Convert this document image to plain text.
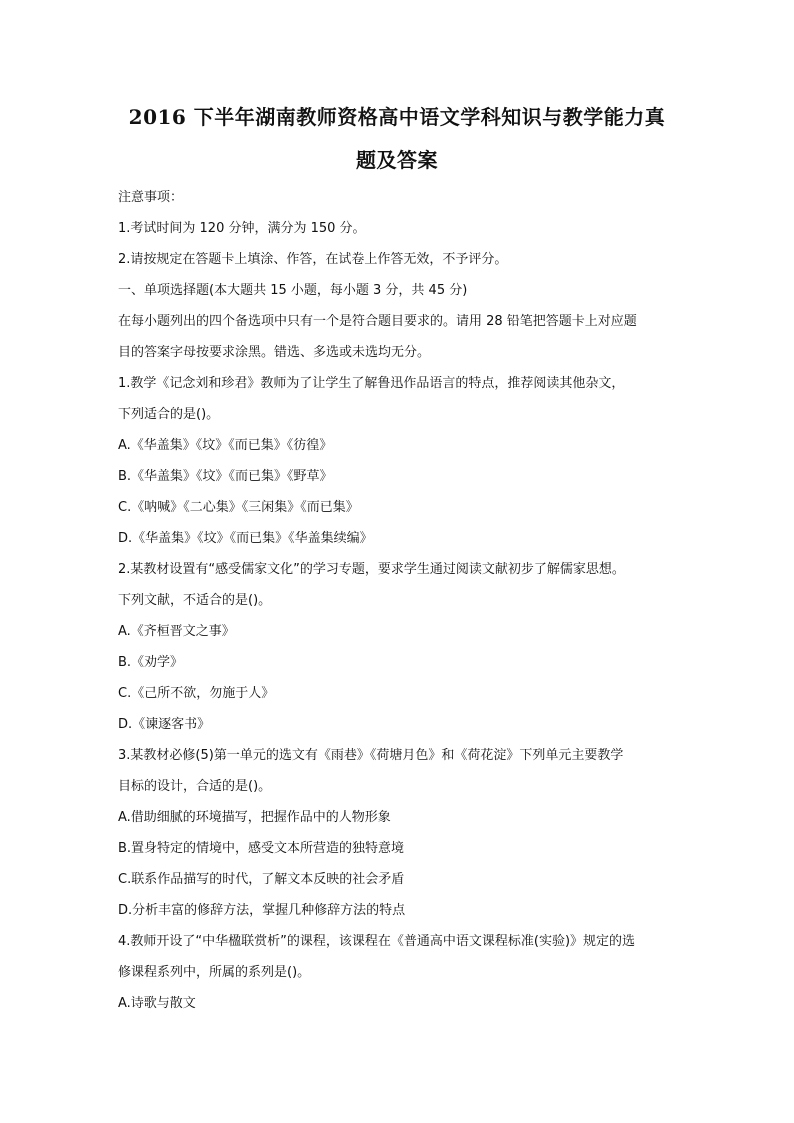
2016 下半年湖南教师资格高中语文学科知识与教学能力真
题及答案
注意事项：
1.考试时间为 120 分钟，满分为 150 分。
2.请按规定在答题卡上填涂、作答，在试卷上作答无效，不予评分。
一、单项选择题(本大题共 15 小题，每小题 3 分，共 45 分)
在每小题列出的四个备选项中只有一个是符合题目要求的。请用 28 铅笔把答题卡上对应题
目的答案字母按要求涂黑。错选、多选或未选均无分。
1.教学《记念刘和珍君》教师为了让学生了解鲁迅作品语言的特点，推荐阅读其他杂文，
下列适合的是()。
A.《华盖集》《坟》《而已集》《彷徨》
B.《华盖集》《坟》《而已集》《野草》
C.《呐喊》《二心集》《三闲集》《而已集》
D.《华盖集》《坟》《而已集》《华盖集续编》
2.某教材设置有“感受儒家文化”的学习专题，要求学生通过阅读文献初步了解儒家思想。
下列文献，不适合的是()。
A.《齐桓晋文之事》
B.《劝学》
C.《己所不欲，勿施于人》
D.《谏逐客书》
3.某教材必修(5)第一单元的选文有《雨巷》《荷塘月色》和《荷花淀》下列单元主要教学
目标的设计，合适的是()。
A.借助细腻的环境描写，把握作品中的人物形象
B.置身特定的情境中，感受文本所营造的独特意境
C.联系作品描写的时代，了解文本反映的社会矛盾
D.分析丰富的修辞方法，掌握几种修辞方法的特点
4.教师开设了“中华楹联赏析”的课程，该课程在《普通高中语文课程标准(实验)》规定的选
修课程系列中，所属的系列是()。
A.诗歌与散文
